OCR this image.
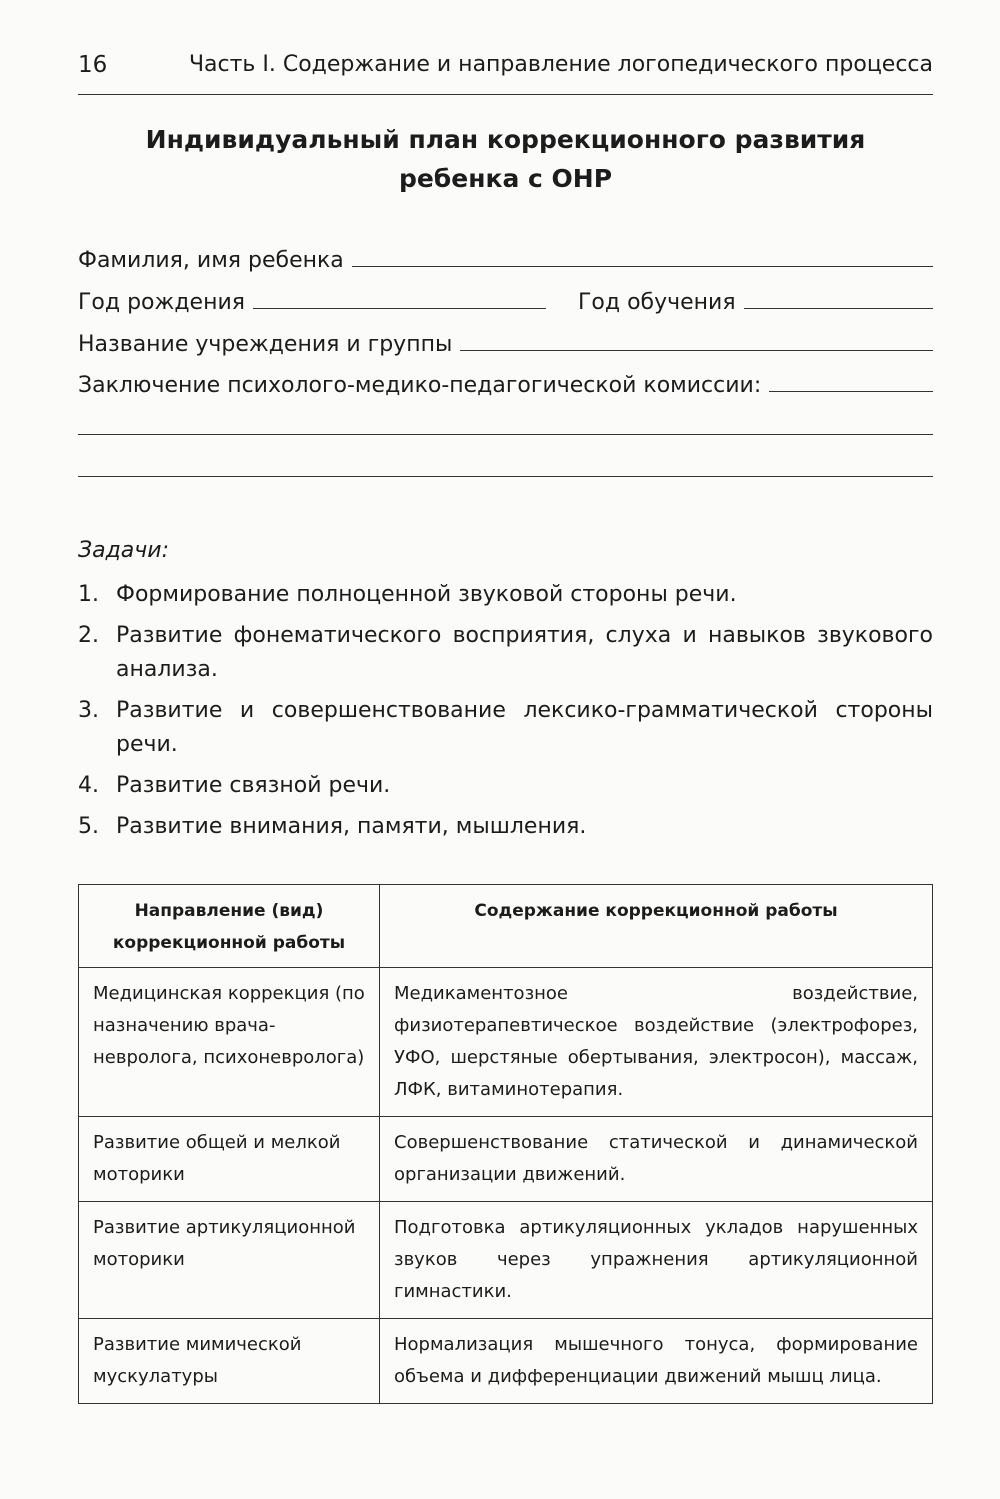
16	Часть I. Содержание и направление логопедического процесса
Индивидуальный план коррекционного развития
ребенка с ОНР
Фамилия, имя ребенка
Год рождения	Год обучения
Название учреждения и группы
Заключение психолого-медико-педагогической комиссии:
Задачи:
1. Формирование полноценной звуковой стороны речи.
2. Развитие фонематического восприятия, слуха и навыков звукового анализа.
3. Развитие и совершенствование лексико-грамматической стороны речи.
4. Развитие связной речи.
5. Развитие внимания, памяти, мышления.
Направление (вид) коррекционной работы	Содержание коррекционной работы
Медицинская коррекция (по назначению врача-невролога, психоневролога)	Медикаментозное воздействие, физиотерапевтическое воздействие (электрофорез, УФО, шерстяные обертывания, электросон), массаж, ЛФК, витаминотерапия.
Развитие общей и мелкой моторики	Совершенствование статической и динамической организации движений.
Развитие артикуляционной моторики	Подготовка артикуляционных укладов нарушенных звуков через упражнения артикуляционной гимнастики.
Развитие мимической мускулатуры	Нормализация мышечного тонуса, формирование объема и дифференциации движений мышц лица.
